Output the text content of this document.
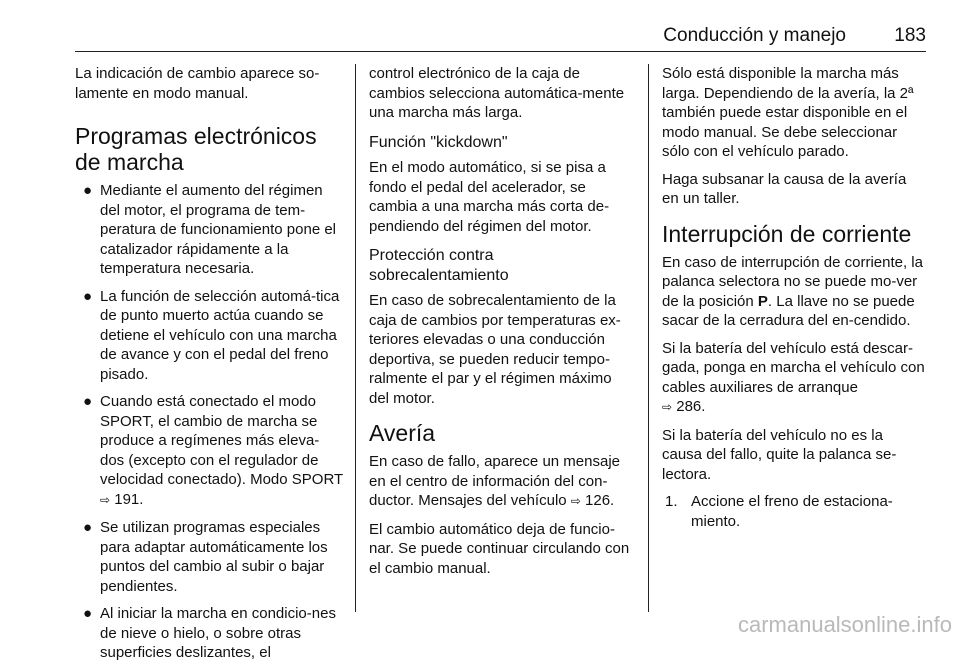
Conducción y manejo	183

La indicación de cambio aparece so-lamente en modo manual.

Programas electrónicos de marcha
● Mediante el aumento del régimen del motor, el programa de tem-peratura de funcionamiento pone el catalizador rápidamente a la temperatura necesaria.
● La función de selección automá-tica de punto muerto actúa cuando se detiene el vehículo con una marcha de avance y con el pedal del freno pisado.
● Cuando está conectado el modo SPORT, el cambio de marcha se produce a regímenes más eleva-dos (excepto con el regulador de velocidad conectado). Modo SPORT ⇨ 191.
● Se utilizan programas especiales para adaptar automáticamente los puntos del cambio al subir o bajar pendientes.
● Al iniciar la marcha en condicio-nes de nieve o hielo, o sobre otras superficies deslizantes, el

control electrónico de la caja de cambios selecciona automática-mente una marcha más larga.

Función "kickdown"

En el modo automático, si se pisa a fondo el pedal del acelerador, se cambia a una marcha más corta de-pendiendo del régimen del motor.

Protección contra sobrecalentamiento

En caso de sobrecalentamiento de la caja de cambios por temperaturas ex-teriores elevadas o una conducción deportiva, se pueden reducir tempo-ralmente el par y el régimen máximo del motor.

Avería

En caso de fallo, aparece un mensaje en el centro de información del con-ductor. Mensajes del vehículo ⇨ 126.

El cambio automático deja de funcio-nar. Se puede continuar circulando con el cambio manual.

Sólo está disponible la marcha más larga. Dependiendo de la avería, la 2ª también puede estar disponible en el modo manual. Se debe seleccionar sólo con el vehículo parado.

Haga subsanar la causa de la avería en un taller.

Interrupción de corriente

En caso de interrupción de corriente, la palanca selectora no se puede mo-ver de la posición P. La llave no se puede sacar de la cerradura del en-cendido.

Si la batería del vehículo está descar-gada, ponga en marcha el vehículo con cables auxiliares de arranque
⇨ 286.

Si la batería del vehículo no es la causa del fallo, quite la palanca se-lectora.

1. Accione el freno de estaciona-miento.
carmanualsonline.info
